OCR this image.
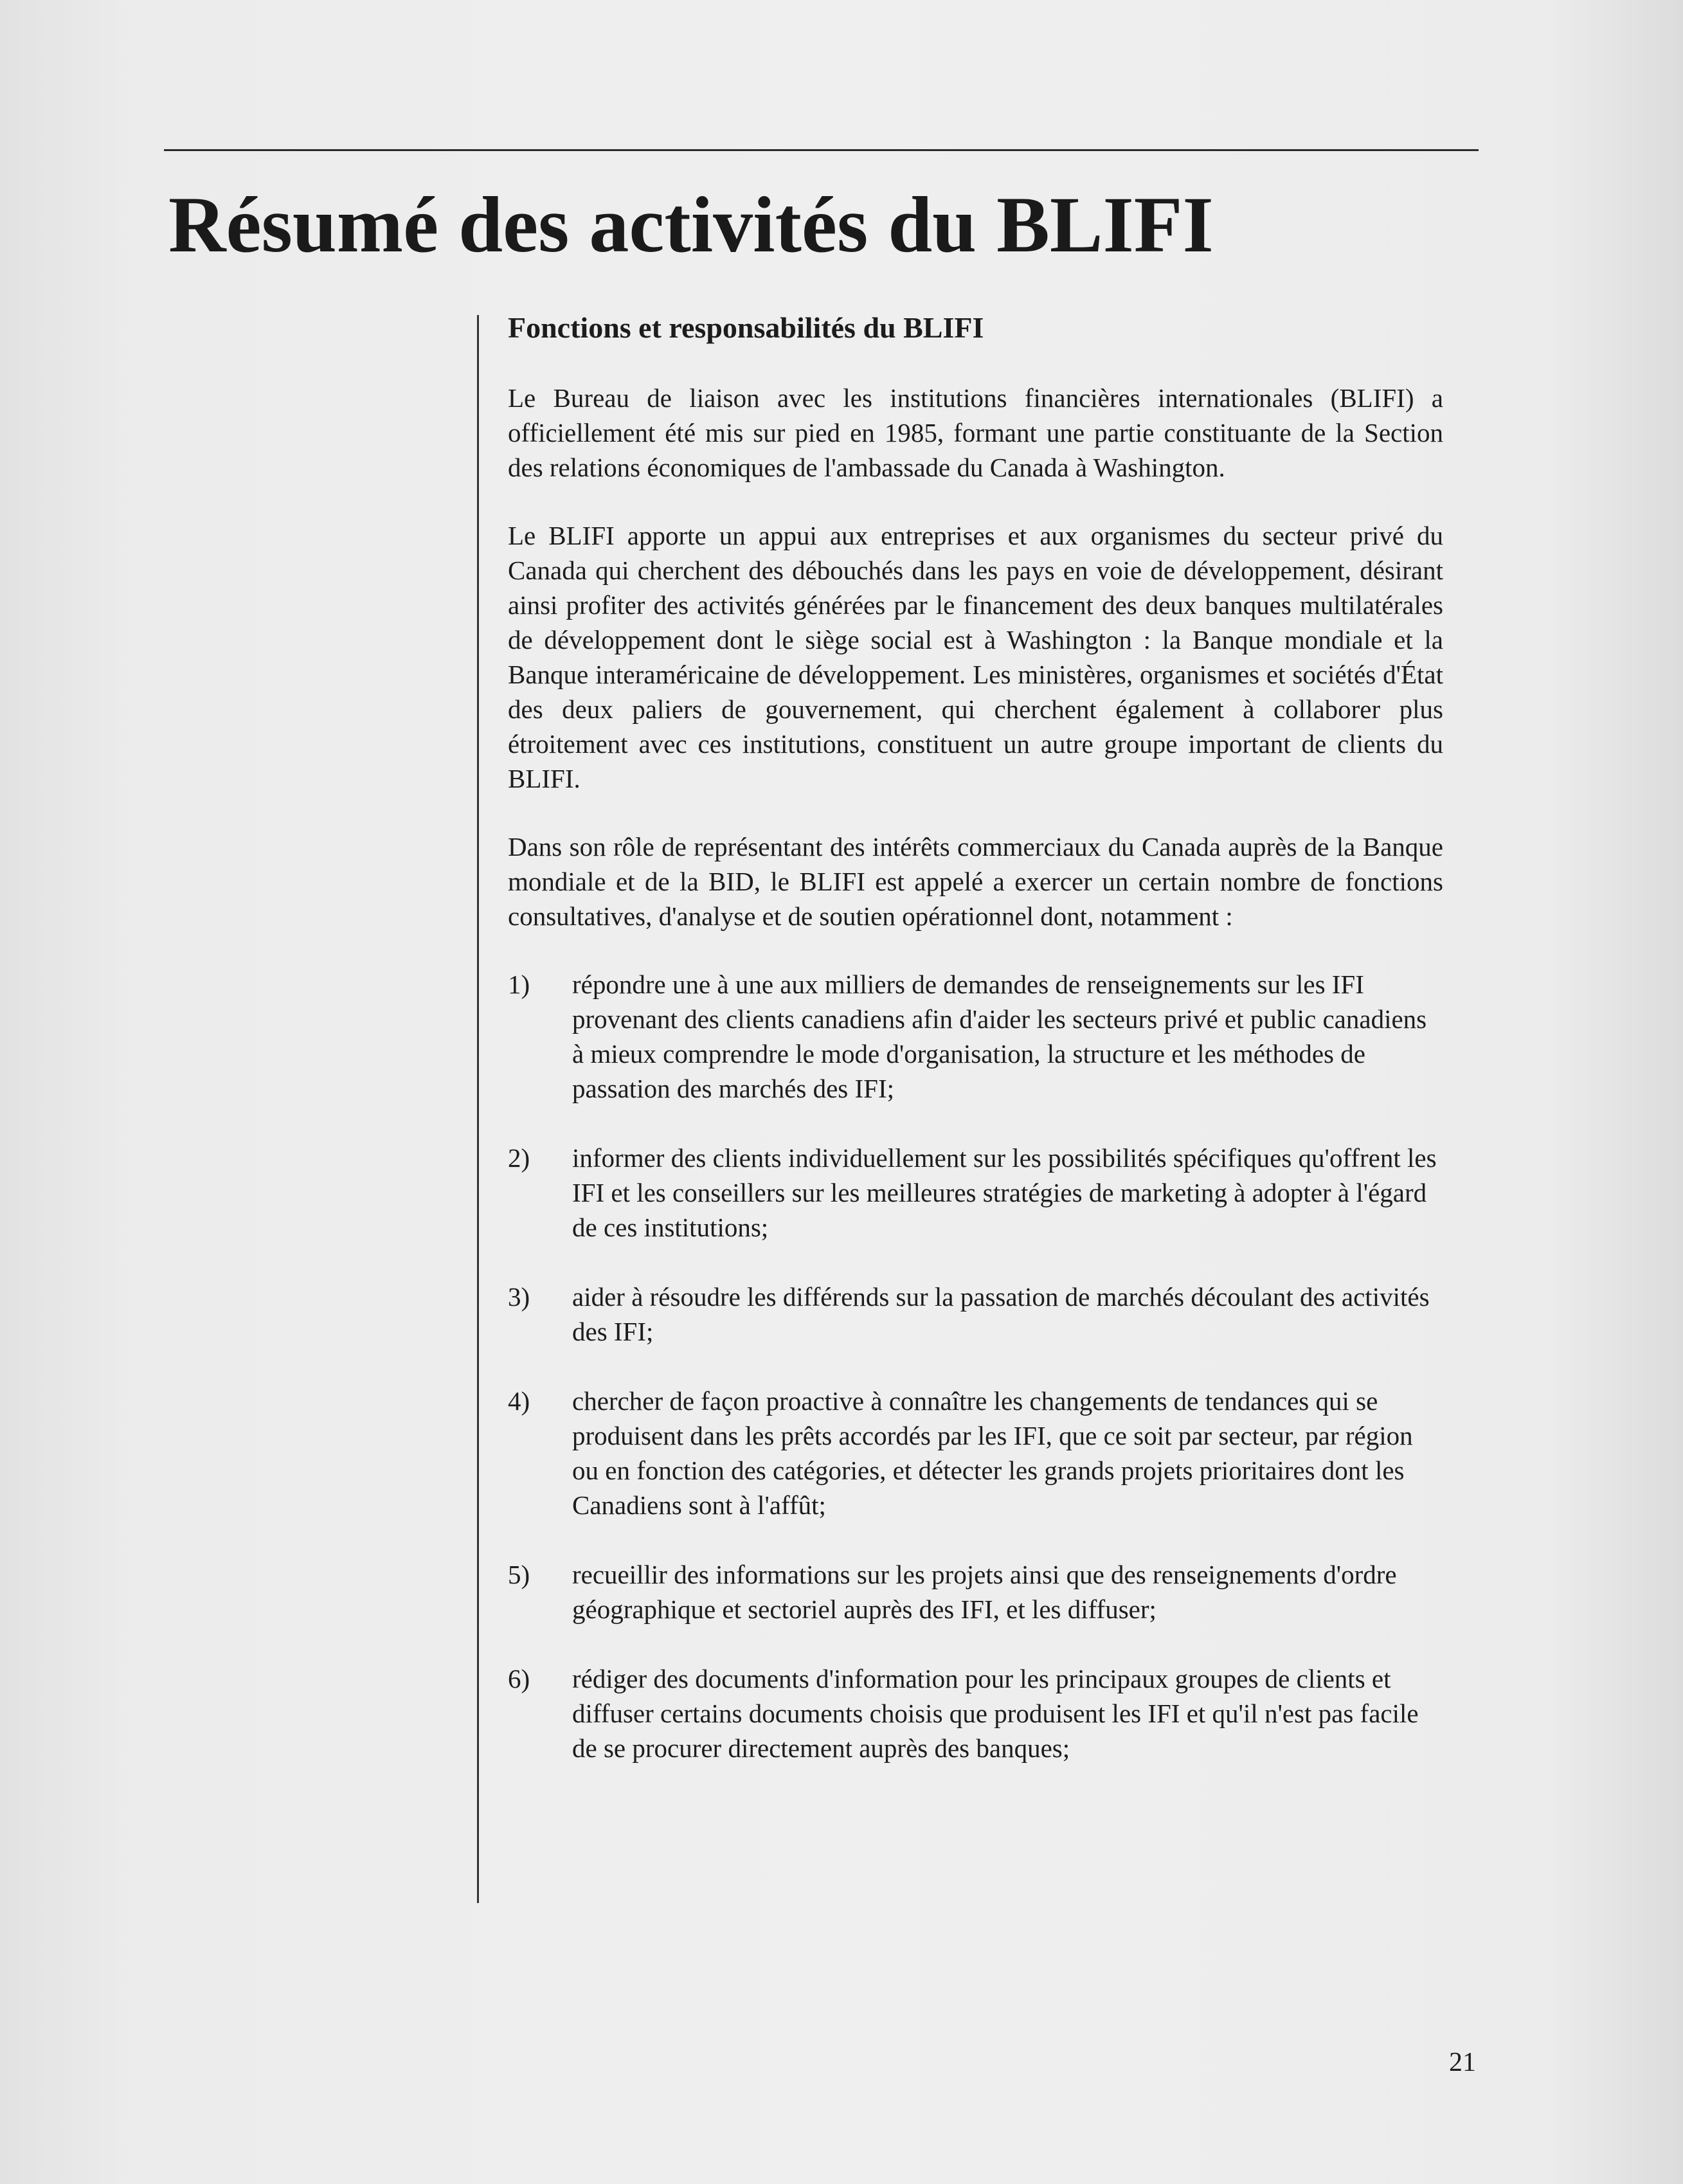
Résumé des activités du BLIFI
Fonctions et responsabilités du BLIFI

Le Bureau de liaison avec les institutions financières internationales (BLIFI) a officiellement été mis sur pied en 1985, formant une partie constituante de la Section des relations économiques de l'ambassade du Canada à Washington.

Le BLIFI apporte un appui aux entreprises et aux organismes du secteur privé du Canada qui cherchent des débouchés dans les pays en voie de développement, désirant ainsi profiter des activités générées par le financement des deux banques multilatérales de développement dont le siège social est à Washington : la Banque mondiale et la Banque interaméricaine de développement. Les ministères, organismes et sociétés d'État des deux paliers de gouvernement, qui cherchent également à collaborer plus étroitement avec ces institutions, constituent un autre groupe important de clients du BLIFI.

Dans son rôle de représentant des intérêts commerciaux du Canada auprès de la Banque mondiale et de la BID, le BLIFI est appelé a exercer un certain nombre de fonctions consultatives, d'analyse et de soutien opérationnel dont, notamment :

1) répondre une à une aux milliers de demandes de renseignements sur les IFI provenant des clients canadiens afin d'aider les secteurs privé et public canadiens à mieux comprendre le mode d'organisation, la structure et les méthodes de passation des marchés des IFI;
2) informer des clients individuellement sur les possibilités spécifiques qu'offrent les IFI et les conseillers sur les meilleures stratégies de marketing à adopter à l'égard de ces institutions;
3) aider à résoudre les différends sur la passation de marchés découlant des activités des IFI;
4) chercher de façon proactive à connaître les changements de tendances qui se produisent dans les prêts accordés par les IFI, que ce soit par secteur, par région ou en fonction des catégories, et détecter les grands projets prioritaires dont les Canadiens sont à l'affût;
5) recueillir des informations sur les projets ainsi que des renseignements d'ordre géographique et sectoriel auprès des IFI, et les diffuser;
6) rédiger des documents d'information pour les principaux groupes de clients et diffuser certains documents choisis que produisent les IFI et qu'il n'est pas facile de se procurer directement auprès des banques;
21
